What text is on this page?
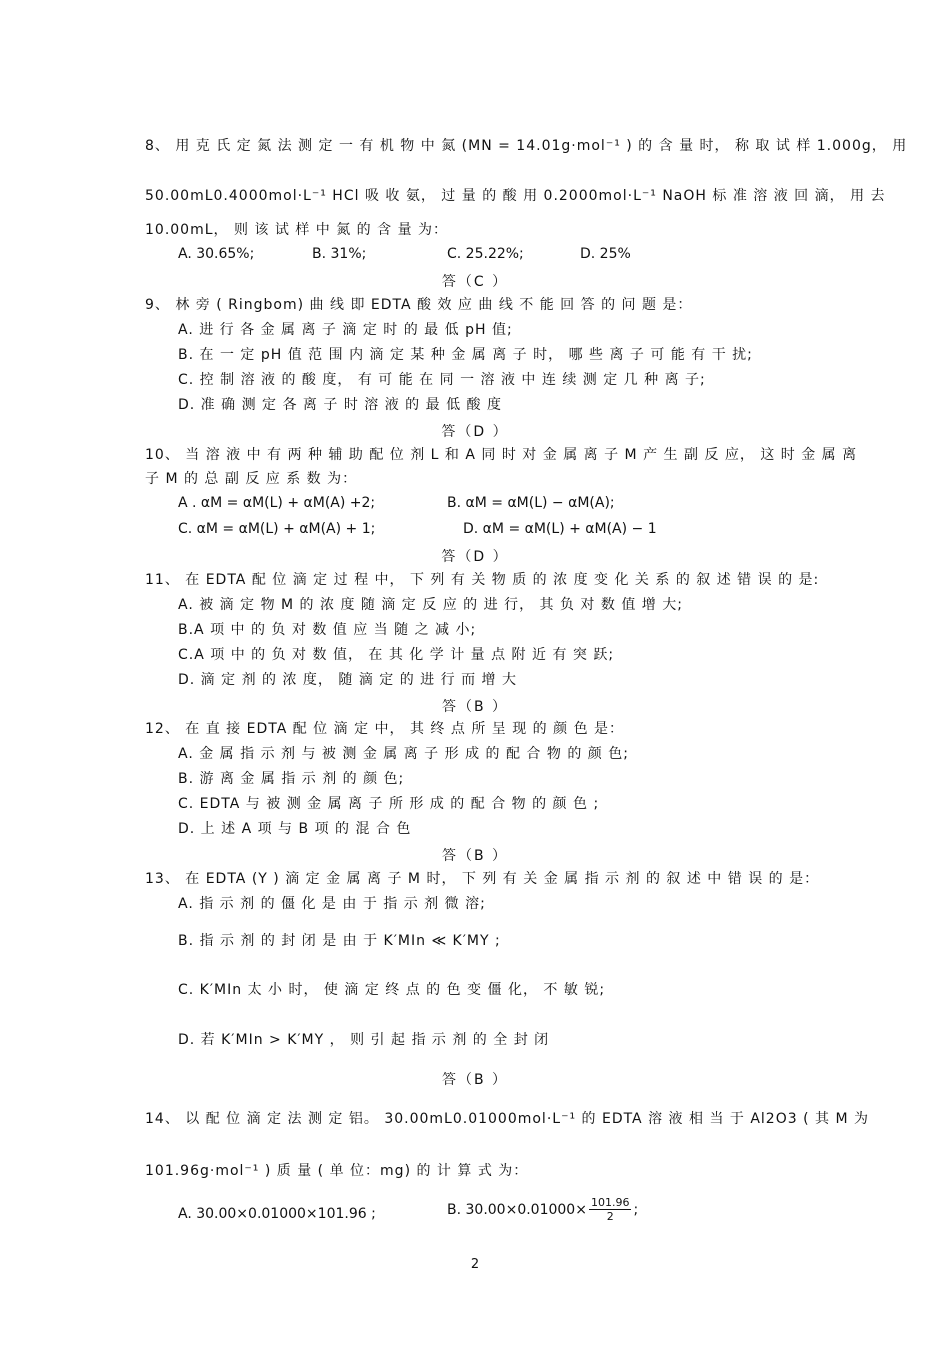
8、 用 克 氏 定 氮 法 测 定 一 有 机 物 中 氮 (MN = 14.01g·mol⁻¹ ) 的 含 量 时， 称 取 试 样 1.000g， 用
50.00mL0.4000mol·L⁻¹ HCl 吸 收 氨， 过 量 的 酸 用 0.2000mol·L⁻¹ NaOH 标 准 溶 液 回 滴， 用 去
10.00mL， 则 该 试 样 中 氮 的 含 量 为：
A. 30.65%;	B. 31%;	C. 25.22%;	D. 25%
答（C ）
9、 林 旁 ( Ringbom) 曲 线 即 EDTA 酸 效 应 曲 线 不 能 回 答 的 问 题 是：
A. 进 行 各 金 属 离 子 滴 定 时 的 最 低 pH 值;
B. 在 一 定 pH 值 范 围 内 滴 定 某 种 金 属 离 子 时， 哪 些 离 子 可 能 有 干 扰;
C. 控 制 溶 液 的 酸 度， 有 可 能 在 同 一 溶 液 中 连 续 测 定 几 种 离 子;
D. 准 确 测 定 各 离 子 时 溶 液 的 最 低 酸 度
答（D ）
10、 当 溶 液 中 有 两 种 辅 助 配 位 剂 L 和 A 同 时 对 金 属 离 子 M 产 生 副 反 应， 这 时 金 属 离
子 M 的 总 副 反 应 系 数 为：
A . αM = αM(L) + αM(A) +2;	B. αM = αM(L) − αM(A);
C. αM = αM(L) + αM(A) + 1;	D. αM = αM(L) + αM(A) − 1
答（D ）
11、 在 EDTA 配 位 滴 定 过 程 中， 下 列 有 关 物 质 的 浓 度 变 化 关 系 的 叙 述 错 误 的 是:
A. 被 滴 定 物 M 的 浓 度 随 滴 定 反 应 的 进 行， 其 负 对 数 值 增 大;
B.A 项 中 的 负 对 数 值 应 当 随 之 减 小;
C.A 项 中 的 负 对 数 值， 在 其 化 学 计 量 点 附 近 有 突 跃;
D. 滴 定 剂 的 浓 度， 随 滴 定 的 进 行 而 增 大
答（B ）
12、 在 直 接 EDTA 配 位 滴 定 中， 其 终 点 所 呈 现 的 颜 色 是：
A. 金 属 指 示 剂 与 被 测 金 属 离 子 形 成 的 配 合 物 的 颜 色;
B. 游 离 金 属 指 示 剂 的 颜 色;
C. EDTA 与 被 测 金 属 离 子 所 形 成 的 配 合 物 的 颜 色 ;
D. 上 述 A 项 与 B 项 的 混 合 色
答（B ）
13、 在 EDTA (Y ) 滴 定 金 属 离 子 M 时， 下 列 有 关 金 属 指 示 剂 的 叙 述 中 错 误 的 是：
A. 指 示 剂 的 僵 化 是 由 于 指 示 剂 微 溶;
B. 指 示 剂 的 封 闭 是 由 于 K′MIn ≪ K′MY ;
C. K′MIn 太 小 时， 使 滴 定 终 点 的 色 变 僵 化， 不 敏 锐;
D. 若 K′MIn > K′MY ， 则 引 起 指 示 剂 的 全 封 闭
答（B ）
14、 以 配 位 滴 定 法 测 定 铝。 30.00mL0.01000mol·L⁻¹ 的 EDTA 溶 液 相 当 于 Al2O3 ( 其 M 为
101.96g·mol⁻¹ ) 质 量 ( 单 位：mg) 的 计 算 式 为：
A. 30.00×0.01000×101.96 ;	B. $30.00\times 0.01000\times \frac{101.96}{2}$ ;
2
